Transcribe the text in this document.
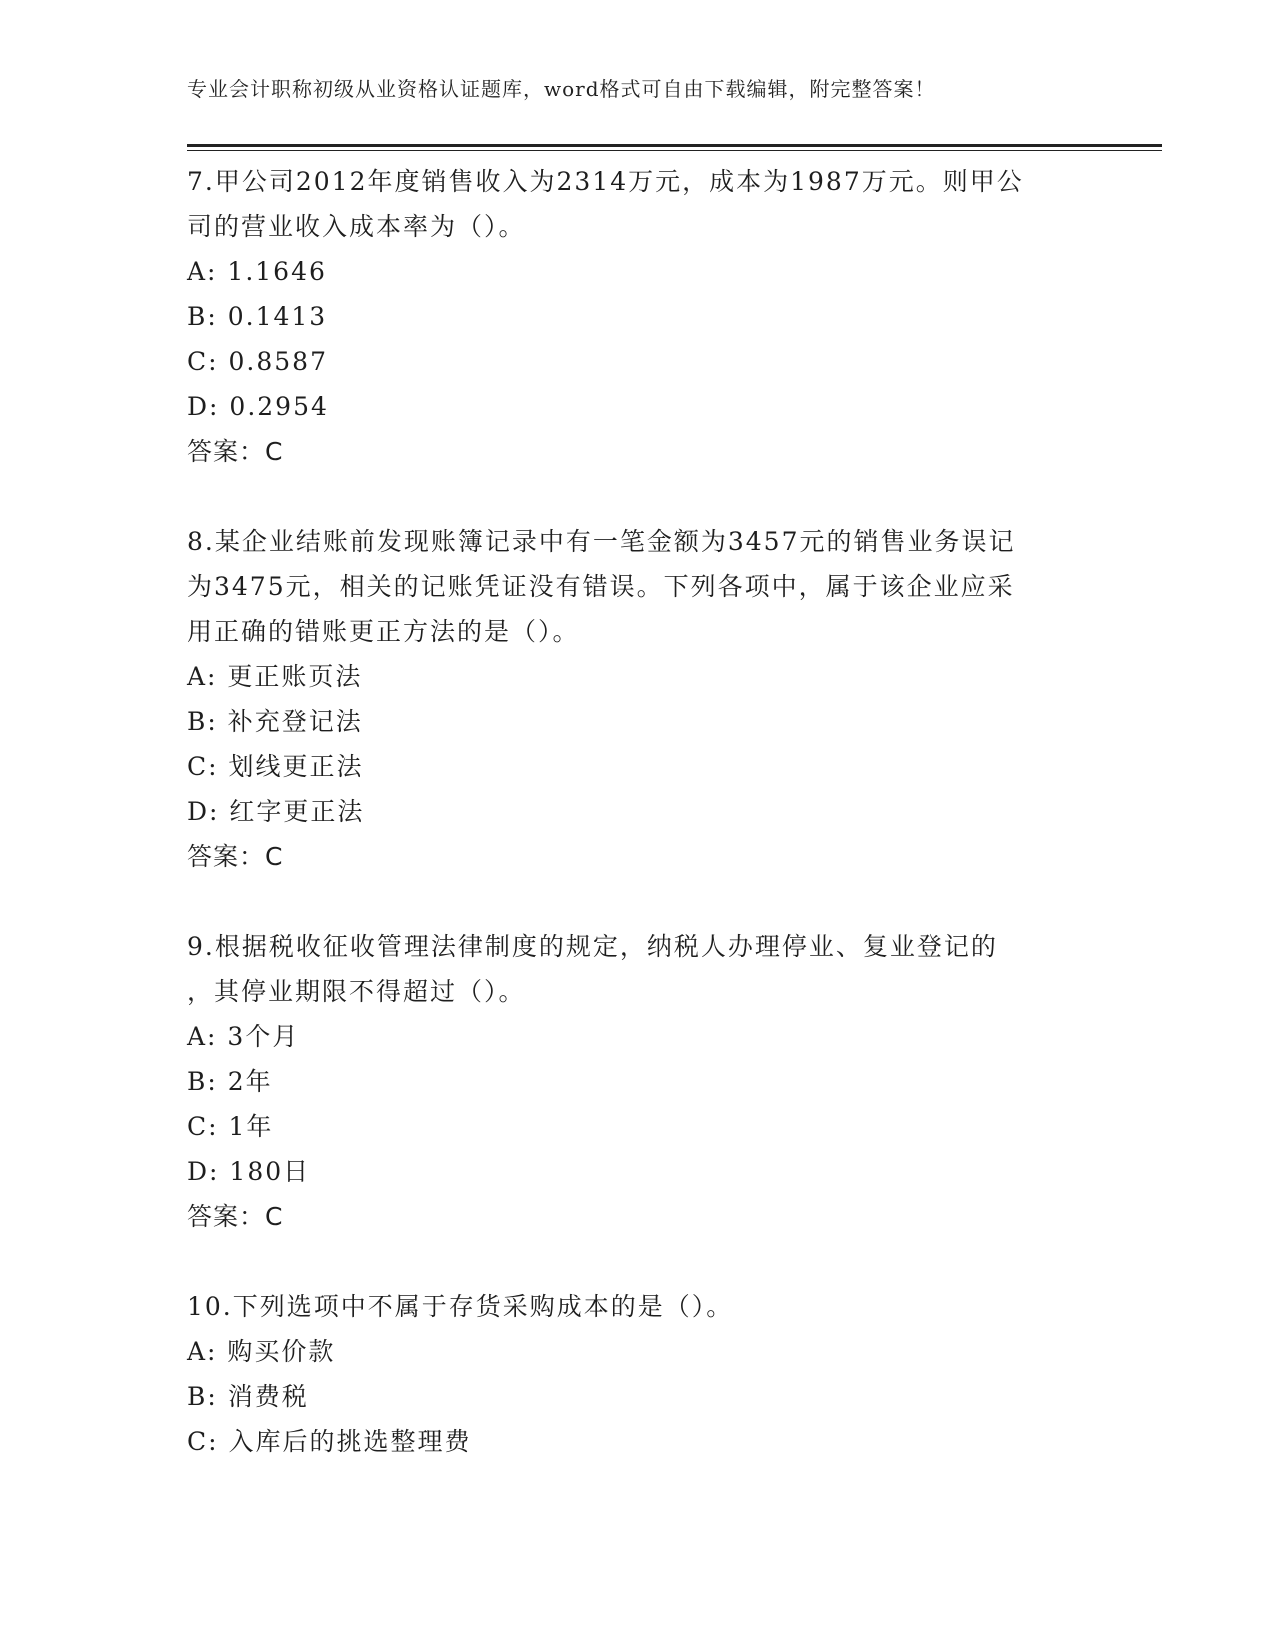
专业会计职称初级从业资格认证题库，word格式可自由下载编辑，附完整答案！

7.甲公司2012年度销售收入为2314万元，成本为1987万元。则甲公

司的营业收入成本率为（）。

A: 1.1646

B: 0.1413

C: 0.8587

D: 0.2954

答案：C

8.某企业结账前发现账簿记录中有一笔金额为3457元的销售业务误记

为3475元，相关的记账凭证没有错误。下列各项中，属于该企业应采

用正确的错账更正方法的是（）。

A: 更正账页法

B: 补充登记法

C: 划线更正法

D: 红字更正法

答案：C

9.根据税收征收管理法律制度的规定，纳税人办理停业、复业登记的

，其停业期限不得超过（）。

A: 3个月

B: 2年

C: 1年

D: 180日

答案：C

10.下列选项中不属于存货采购成本的是（）。

A: 购买价款

B: 消费税

C: 入库后的挑选整理费
